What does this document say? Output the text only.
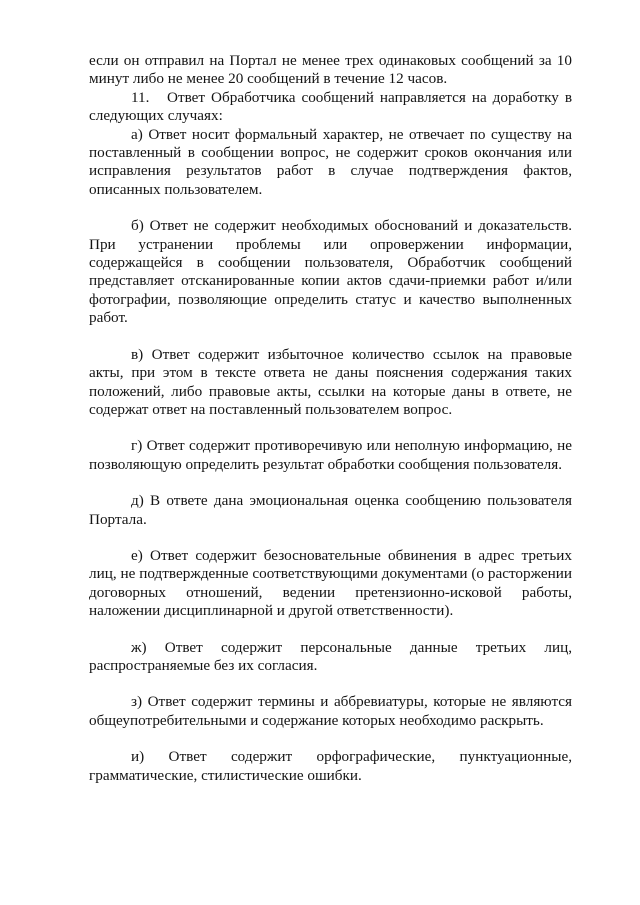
если он отправил на Портал не менее трех одинаковых сообщений за 10 минут либо не менее 20 сообщений в течение 12 часов.

11. Ответ Обработчика сообщений направляется на доработку в следующих случаях:

а) Ответ носит формальный характер, не отвечает по существу на поставленный в сообщении вопрос, не содержит сроков окончания или исправления результатов работ в случае подтверждения фактов, описанных пользователем.

б) Ответ не содержит необходимых обоснований и доказательств. При устранении проблемы или опровержении информации, содержащейся в сообщении пользователя, Обработчик сообщений представляет отсканированные копии актов сдачи-приемки работ и/или фотографии, позволяющие определить статус и качество выполненных работ.

в) Ответ содержит избыточное количество ссылок на правовые акты, при этом в тексте ответа не даны пояснения содержания таких положений, либо правовые акты, ссылки на которые даны в ответе, не содержат ответ на поставленный пользователем вопрос.

г) Ответ содержит противоречивую или неполную информацию, не позволяющую определить результат обработки сообщения пользователя.

д) В ответе дана эмоциональная оценка сообщению пользователя Портала.

е) Ответ содержит безосновательные обвинения в адрес третьих лиц, не подтвержденные соответствующими документами (о расторжении договорных отношений, ведении претензионно-исковой работы, наложении дисциплинарной и другой ответственности).

ж) Ответ содержит персональные данные третьих лиц, распространяемые без их согласия.

з) Ответ содержит термины и аббревиатуры, которые не являются общеупотребительными и содержание которых необходимо раскрыть.

и) Ответ содержит орфографические, пунктуационные, грамматические, стилистические ошибки.
